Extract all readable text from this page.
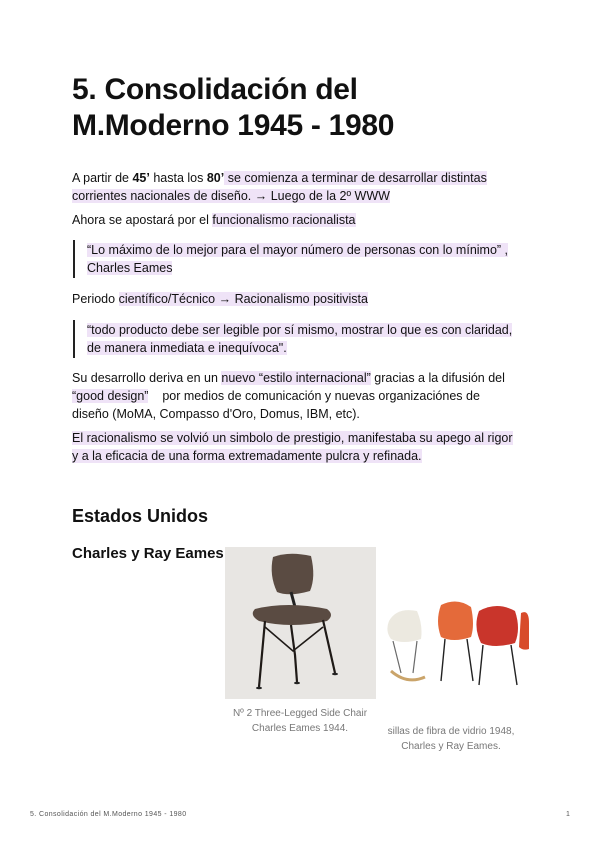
5. Consolidación del
M.Moderno 1945 - 1980
A partir de 45’ hasta los 80’ se comienza a terminar de desarrollar distintas
corrientes nacionales de diseño. → Luego de la 2º WWW
Ahora se apostará por el funcionalismo racionalista
“Lo máximo de lo mejor para el mayor número de personas con lo mínimo” ,
Charles Eames
Periodo científico/Técnico → Racionalismo positivista
“todo producto debe ser legible por sí mismo, mostrar lo que es con claridad,
de manera inmediata e inequívoca".
Su desarrollo deriva en un nuevo “estilo internacional” gracias a la difusión del
“good design”    por medios de comunicación y nuevas organizaciónes de
diseño (MoMA, Compasso d'Oro, Domus, IBM, etc).
El racionalismo se volvió un simbolo de prestigio, manifestaba su apego al rigor
y a la eficacia de una forma extremadamente pulcra y refinada.
Estados Unidos
Charles y Ray Eames
Nº 2 Three-Legged Side Chair
Charles Eames 1944.	sillas de fibra de vidrio 1948,
Charles y Ray Eames.
5. Consolidación del M.Moderno 1945 - 1980	1
